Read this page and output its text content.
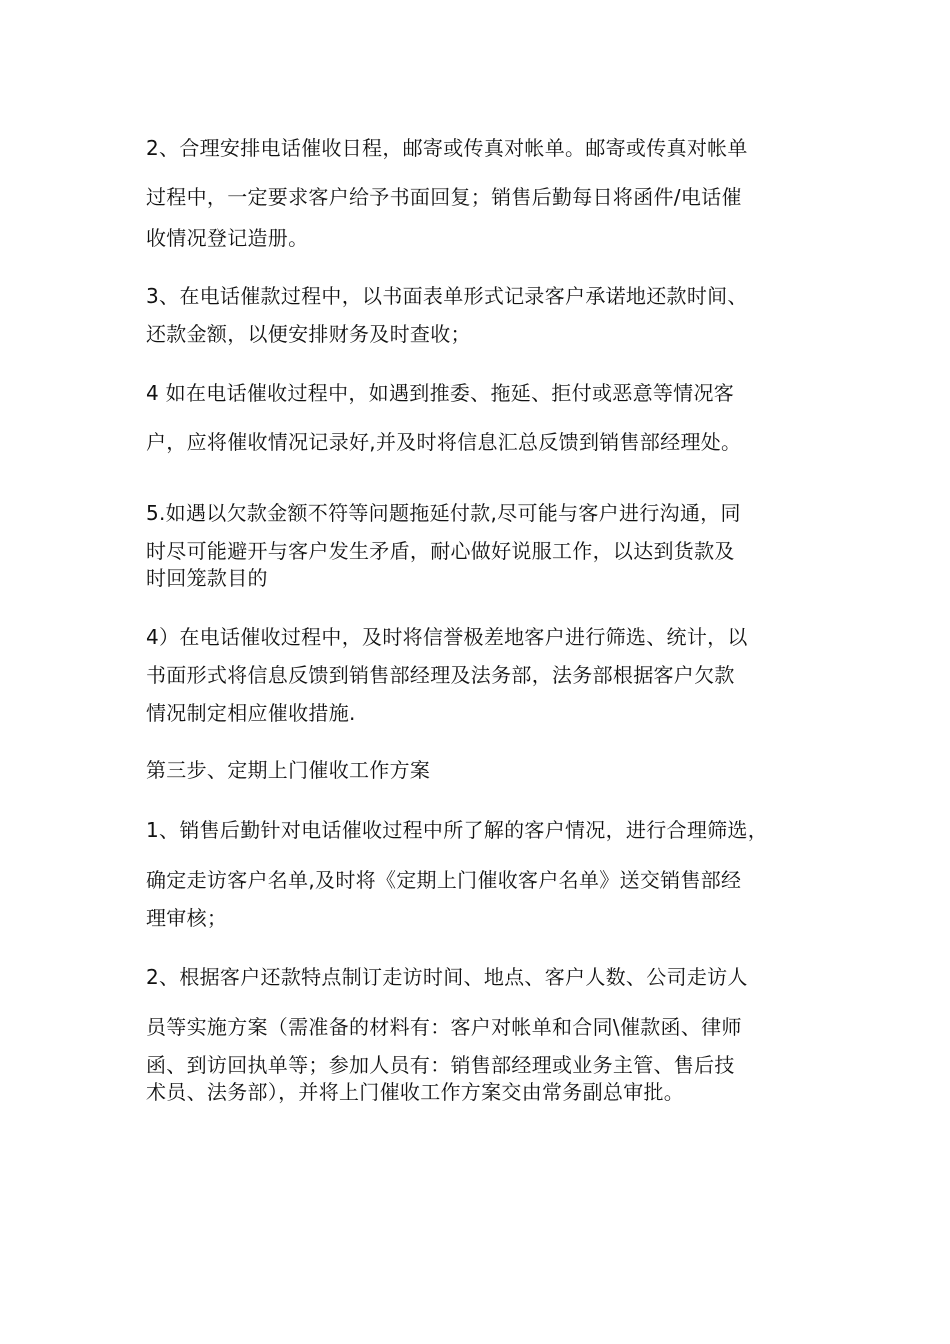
2、合理安排电话催收日程，邮寄或传真对帐单。邮寄或传真对帐单
过程中，一定要求客户给予书面回复；销售后勤每日将函件/电话催
收情况登记造册。
3、在电话催款过程中，以书面表单形式记录客户承诺地还款时间、
还款金额，以便安排财务及时查收；
4 如在电话催收过程中，如遇到推委、拖延、拒付或恶意等情况客
户，应将催收情况记录好,并及时将信息汇总反馈到销售部经理处。
5.如遇以欠款金额不符等问题拖延付款,尽可能与客户进行沟通，同
时尽可能避开与客户发生矛盾，耐心做好说服工作，以达到货款及
时回笼款目的
4）在电话催收过程中，及时将信誉极差地客户进行筛选、统计，以
书面形式将信息反馈到销售部经理及法务部，法务部根据客户欠款
情况制定相应催收措施.
第三步、定期上门催收工作方案
1、销售后勤针对电话催收过程中所了解的客户情况，进行合理筛选，
确定走访客户名单,及时将《定期上门催收客户名单》送交销售部经
理审核；
2、根据客户还款特点制订走访时间、地点、客户人数、公司走访人
员等实施方案（需准备的材料有：客户对帐单和合同\催款函、律师
函、到访回执单等；参加人员有：销售部经理或业务主管、售后技
术员、法务部），并将上门催收工作方案交由常务副总审批。
